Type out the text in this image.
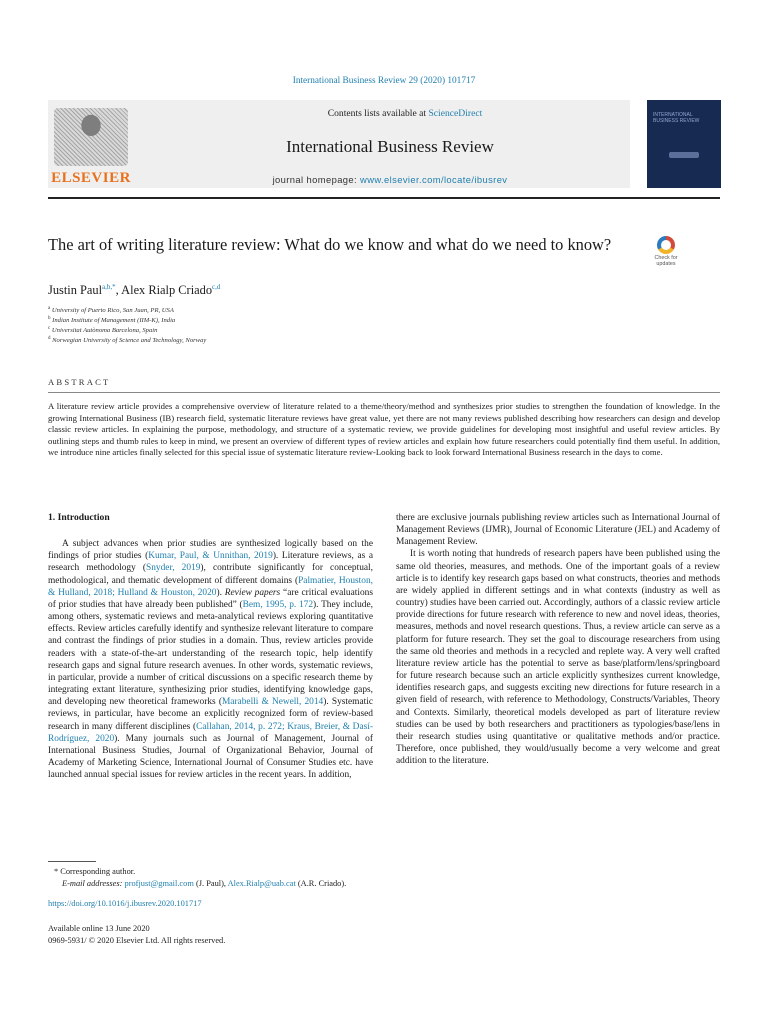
International Business Review 29 (2020) 101717
ELSEVIER
Contents lists available at ScienceDirect
International Business Review
journal homepage: www.elsevier.com/locate/ibusrev
INTERNATIONAL BUSINESS REVIEW
The art of writing literature review: What do we know and what do we need to know?
Check for updates
Justin Paul$^{a,b,*}$, Alex Rialp Criado$^{c,d}$
$^a$ University of Puerto Rico, San Juan, PR, USA
$^b$ Indian Institute of Management (IIM-K), India
$^c$ Universitat Autònoma Barcelona, Spain
$^d$ Norwegian University of Science and Technology, Norway
ABSTRACT
A literature review article provides a comprehensive overview of literature related to a theme/theory/method and synthesizes prior studies to strengthen the foundation of knowledge. In the growing International Business (IB) research field, systematic literature reviews have great value, yet there are not many reviews published describing how researchers can design and develop classic review articles. In explaining the purpose, methodology, and structure of a systematic review, we provide guidelines for developing most insightful and useful review articles. By outlining steps and thumb rules to keep in mind, we present an overview of different types of review articles and explain how future researchers could potentially find them useful. In addition, we introduce nine articles finally selected for this special issue of systematic literature review-Looking back to look forward International Business research in the days to come.

1. Introduction

A subject advances when prior studies are synthesized logically based on the findings of prior studies (Kumar, Paul, & Unnithan, 2019). Literature reviews, as a research methodology (Snyder, 2019), contribute significantly for conceptual, methodological, and thematic development of different domains (Palmatier, Houston, & Hulland, 2018; Hulland & Houston, 2020). Review papers “are critical evaluations of prior studies that have already been published” (Bem, 1995, p. 172). They include, among others, systematic reviews and meta-analytical reviews exploring quantitative effects. Review articles carefully identify and synthesize relevant literature to compare and contrast the findings of prior studies in a domain. Thus, review articles provide readers with a state-of-the-art understanding of the research topic, help identify research gaps and signal future research avenues. In other words, systematic reviews, in particular, provide a number of critical discussions on a specific research theme by integrating extant literature, synthesizing prior studies, identifying knowledge gaps, and developing new theoretical frameworks (Marabelli & Newell, 2014). Systematic reviews, in particular, have become an explicitly recognized form of review-based research in many different disciplines (Callahan, 2014, p. 272; Kraus, Breier, & Dasí-Rodríguez, 2020). Many journals such as Journal of Management, Journal of International Business Studies, Journal of Organizational Behavior, Journal of Academy of Marketing Science, International Journal of Consumer Studies etc. have launched annual special issues for review articles in the recent years. In addition,

there are exclusive journals publishing review articles such as International Journal of Management Reviews (IJMR), Journal of Economic Literature (JEL) and Academy of Management Review.

It is worth noting that hundreds of research papers have been published using the same old theories, measures, and methods. One of the important goals of a review article is to identify key research gaps based on what constructs, theories and methods are widely applied in different settings and in what contexts (industry as well as country) studies have been carried out. Accordingly, authors of a classic review article provide directions for future research with reference to new and novel ideas, theories, measures, methods and novel research questions. Thus, a review article can serve as a platform for future research. They set the goal to discourage researchers from using the same old theories and methods in a recycled and replete way. A very well crafted literature review article has the potential to serve as base/platform/lens/springboard for future research because such an article explicitly synthesizes current knowledge, identifies research gaps, and suggests exciting new directions for future research in a given field of research, with reference to Methodology, Constructs/Variables, Theory and Contexts. Similarly, theoretical models developed as part of literature review studies can be used by both researchers and practitioners as typologies/base/lens in their research studies using quantitative or qualitative methods and/or practice. Therefore, once published, they would/usually become a very welcome and great addition to the literature.

* Corresponding author.
E-mail addresses: profjust@gmail.com (J. Paul), Alex.Rialp@uab.cat (A.R. Criado).
https://doi.org/10.1016/j.ibusrev.2020.101717
Available online 13 June 2020
0969-5931/ © 2020 Elsevier Ltd. All rights reserved.
